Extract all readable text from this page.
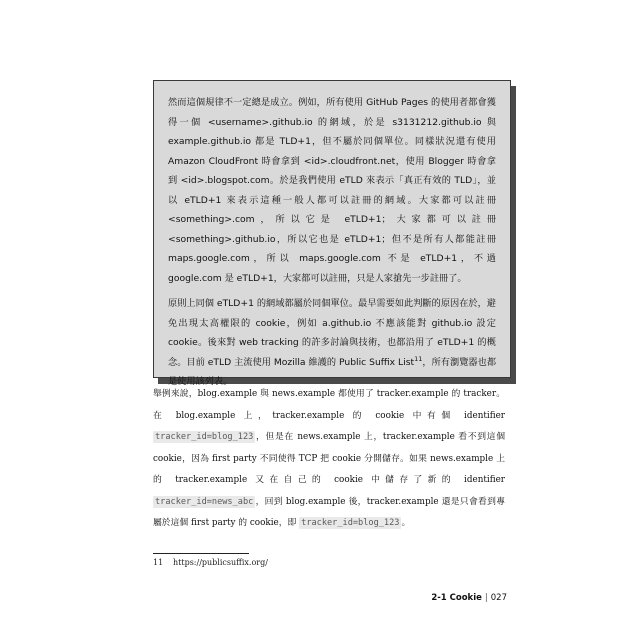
然而這個規律不一定總是成立。例如，所有使用 GitHub Pages 的使用者都會獲得一個 <username>.github.io 的網域，於是 s3131212.github.io 與 example.github.io 都是 TLD+1，但不屬於同個單位。同樣狀況還有使用 Amazon CloudFront 時會拿到 <id>.cloudfront.net，使用 Blogger 時會拿到 <id>.blogspot.com。於是我們使用 eTLD 來表示「真正有效的 TLD」，並以 eTLD+1 來表示這種一般人都可以註冊的網域。大家都可以註冊 <something>.com，所以它是 eTLD+1；大家都可以註冊 <something>.github.io，所以它也是 eTLD+1；但不是所有人都能註冊 maps.google.com，所以 maps.google.com 不是 eTLD+1，不過 google.com 是 eTLD+1，大家都可以註冊，只是人家搶先一步註冊了。

原則上同個 eTLD+1 的網域都屬於同個單位。最早需要如此判斷的原因在於，避免出現太高權限的 cookie，例如 a.github.io 不應該能對 github.io 設定 cookie。後來對 web tracking 的許多討論與技術，也都沿用了 eTLD+1 的概念。目前 eTLD 主流使用 Mozilla 維護的 Public Suffix List$^{11}$，所有瀏覽器也都是使用該列表。

舉例來說，blog.example 與 news.example 都使用了 tracker.example 的 tracker。在 blog.example 上，tracker.example 的 cookie 中有個 identifier tracker_id=blog_123 ，但是在 news.example 上，tracker.example 看不到這個 cookie，因為 first party 不同使得 TCP 把 cookie 分開儲存。如果 news.example 上的 tracker.example 又在自己的 cookie 中儲存了新的 identifier tracker_id=news_abc ，回到 blog.example 後，tracker.example 還是只會看到專屬於這個 first party 的 cookie，即 tracker_id=blog_123 。

11 https://publicsuffix.org/
2-1 Cookie | 027
